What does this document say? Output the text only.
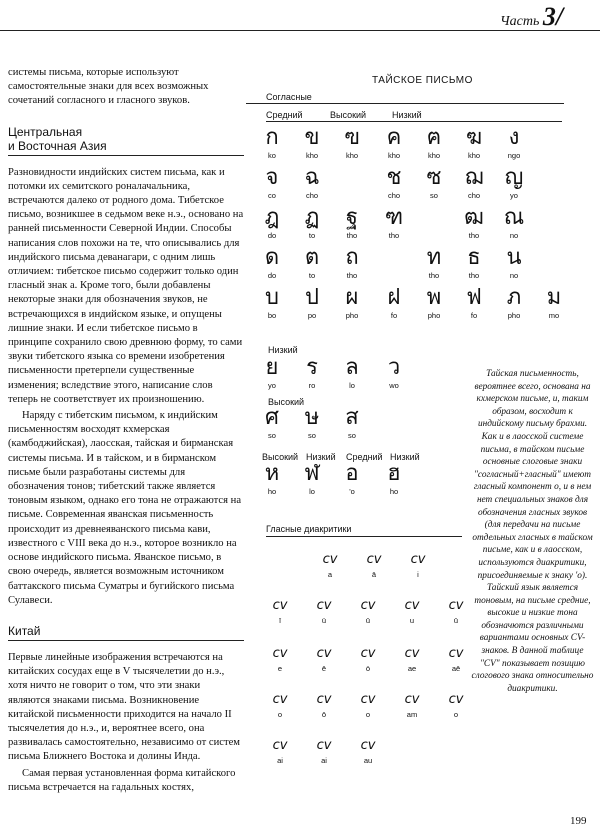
Часть 3/

системы письма, которые используют самостоятельные знаки для всех возможных сочетаний согласного и гласного звуков.

Центральная
и Восточная Азия

Разновидности индийских систем письма, как и потомки их семитского роналачальника, встречаются далеко от родного дома. Тибетское письмо, возникшее в седьмом веке н.э., основано на ранней письменности Северной Индии. Способы написания слов похожи на те, что описывались для индийского письма деванагари, с одним лишь отличием: тибетское письмо содержит только один гласный знак а. Кроме того, были добавлены некоторые знаки для обозначения звуков, не встречающихся в индийском языке, и опущены лишние знаки. И если тибетское письмо в принципе сохранило свою древнюю форму, то сами звуки тибетского языка со времени изобретения письменности претерпели существенные изменения; вследствие этого, написание слов теперь не соответствует их произношению.

Наряду с тибетским письмом, к индийским письменностям восходят кхмерская (камбоджийская), лаосская, тайская и бирманская системы письма. И в тайском, и в бирманском письме были разработаны системы для обозначения тонов; тибетский также является тоновым языком, однако его тона не отражаются на письме. Современная яванская письменность происходит из древнеяванского письма кави, известного с VIII века до н.э., которое возникло на основе индийского письма. Яванское письмо, в свою очередь, является возможным источником баттакского письма Суматры и бугийского письма Сулавеси.

Китай

Первые линейные изображения встречаются на китайских сосудах еще в V тысячелетии до н.э., хотя ничто не говорит о том, что эти знаки являются знаками письма. Возникновение китайской письменности приходится на начало II тысячелетия до н.э., и, вероятнее всего, она развивалась самостоятельно, независимо от систем письма Ближнего Востока и долины Инда.

Самая первая установленная форма китайского письма встречается на гадальных костях,

ТАЙСКОЕ ПИСЬМО
Согласные
Средний	Высокий	Низкий
ก
ko
ข
kho
ฃ
kho
ค
kho
ฅ
kho
ฆ
kho
ง
ngo
จ
co
ฉ
cho
ช
cho
ซ
so
ฌ
cho
ญ
yo
ฎ
do
ฏ
to
ฐ
tho
ฑ
tho
ฒ
tho
ณ
no
ด
do
ต
to
ถ
tho
ท
tho
ธ
tho
น
no
บ
bo
ป
po
ผ
pho
ฝ
fo
พ
pho
ฟ
fo
ภ
pho
ม
mo
ย
yo
ร
ro
ล
lo
ว
wo
ศ
so
ษ
so
ส
so
ห
ho
ฬ
lo
อ
'o
ฮ
ho
cv
a
cv
ā
cv
i
cv
ī
cv
ü
cv
ū
cv
u
cv
ū
cv
e
cv
ē
cv
ö
cv
ae
cv
aē
cv
o
cv
ō
cv
o
cv
am
cv
o
cv
ai
cv
ai
cv
au
Низкий
Высокий
Высокий Низкий Средний Низкий
Гласные диакритики
Тайская письменность, вероятнее всего, основана на кхмерском письме, и, таким образом, восходит к индийскому письму брахми. Как и в лаосской системе письма, в тайском письме основные слоговые знаки "согласный+гласный" имеют гласный компонент о, и в нем нет специальных знаков для обозначения гласных звуков (для передачи на письме отдельных гласных в тайском письме, как и в лаосском, используются диакритики, присоединяемые к знаку 'o). Тайский язык является тоновым, на письме средние, высокие и низкие тона обозначются различными вариантами основных CV-знаков. В данной таблице "CV" показывает позицию слогового знака относительно диакритики.
199
